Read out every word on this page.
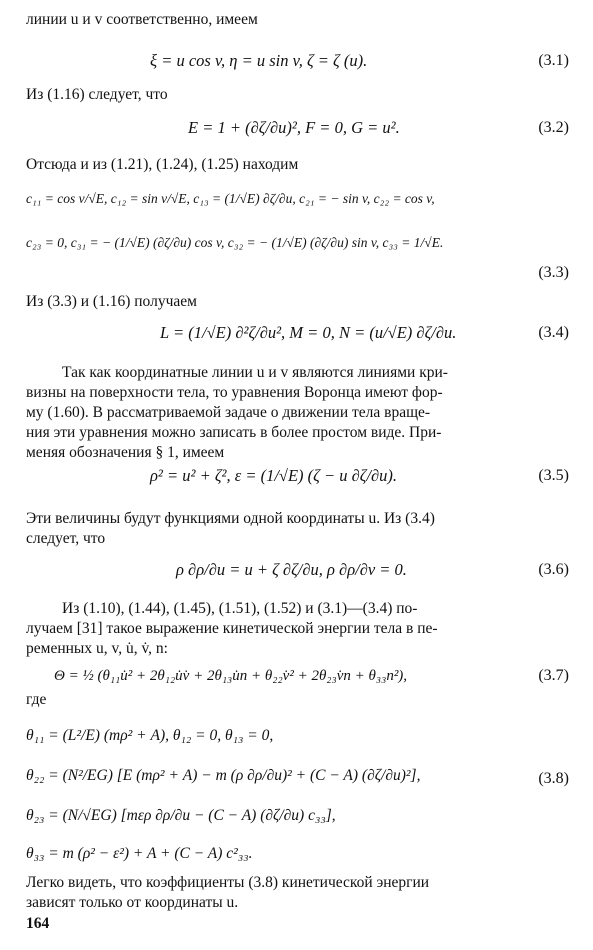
линии u и v соответственно, имеем
ξ = u cos v, η = u sin v, ζ = ζ (u).	(3.1)
Из (1.16) следует, что
E = 1 + (∂ζ/∂u)², F = 0, G = u².	(3.2)
Отсюда и из (1.21), (1.24), (1.25) находим
c₁₁ = cos v/√E, c₁₂ = sin v/√E, c₁₃ = (1/√E) ∂ζ/∂u, c₂₁ = − sin v, c₂₂ = cos v,
c₂₃ = 0, c₃₁ = − (1/√E) (∂ζ/∂u) cos v, c₃₂ = − (1/√E) (∂ζ/∂u) sin v, c₃₃ = 1/√E.
(3.3)
Из (3.3) и (1.16) получаем
L = (1/√E) ∂²ζ/∂u², M = 0, N = (u/√E) ∂ζ/∂u.	(3.4)
Так как координатные линии u и v являются линиями кри-
визны на поверхности тела, то уравнения Воронца имеют фор-
му (1.60). В рассматриваемой задаче о движении тела враще-
ния эти уравнения можно записать в более простом виде. При-
меняя обозначения § 1, имеем
ρ² = u² + ζ², ε = (1/√E) (ζ − u ∂ζ/∂u).	(3.5)
Эти величины будут функциями одной координаты u. Из (3.4)
следует, что
ρ ∂ρ/∂u = u + ζ ∂ζ/∂u, ρ ∂ρ/∂v = 0.	(3.6)
Из (1.10), (1.44), (1.45), (1.51), (1.52) и (3.1)—(3.4) по-
лучаем [31] такое выражение кинетической энергии тела в пе-
ременных u, v, u̇, v̇, n:
Θ = ½ (θ₁₁u̇² + 2θ₁₂u̇v̇ + 2θ₁₃u̇n + θ₂₂v̇² + 2θ₂₃v̇n + θ₃₃n²),	(3.7)
где
θ₁₁ = (L²/E) (mρ² + A), θ₁₂ = 0, θ₁₃ = 0,
θ₂₂ = (N²/EG) [E (mρ² + A) − m (ρ ∂ρ/∂u)² + (C − A) (∂ζ/∂u)²],	(3.8)
θ₂₃ = (N/√EG) [mερ ∂ρ/∂u − (C − A) (∂ζ/∂u) c₃₃],
θ₃₃ = m (ρ² − ε²) + A + (C − A) c²₃₃.
Легко видеть, что коэффициенты (3.8) кинетической энергии
зависят только от координаты u.
164
